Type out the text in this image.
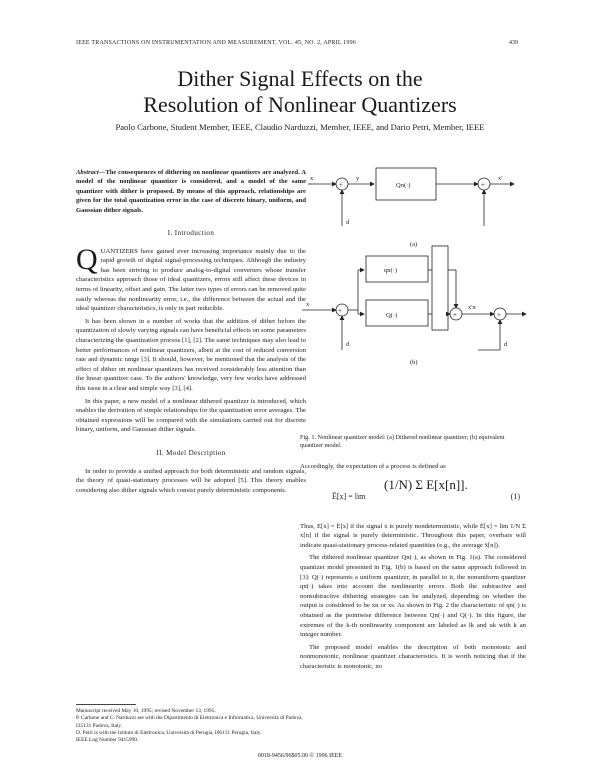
IEEE TRANSACTIONS ON INSTRUMENTATION AND MEASUREMENT, VOL. 45, NO. 2, APRIL 1996	439
Dither Signal Effects on the
Resolution of Nonlinear Quantizers
Paolo Carbone, Student Member, IEEE, Claudio Narduzzi, Member, IEEE, and Dario Petri, Member, IEEE

Abstract—The consequences of dithering on nonlinear quantizers are analyzed. A model of the nonlinear quantizer is considered, and a model of the same quantizer with dither is proposed. By means of this approach, relationships are given for the total quantization error in the case of discrete binary, uniform, and Gaussian dither signals.

I. Introduction

QUANTIZERS have gained ever increasing importance mainly due to the rapid growth of digital signal-processing techniques. Although the industry has been striving to produce analog-to-digital converters whose transfer characteristics approach those of ideal quantizers, errors still affect these devices in terms of linearity, offset and gain. The latter two types of errors can be removed quite easily whereas the nonlinearity error, i.e., the difference between the actual and the ideal quantizer characteristics, is only in part reducible.

It has been shown in a number of works that the addition of dither before the quantization of slowly varying signals can have beneficial effects on some parameters characterizing the quantization process [1], [2]. The same techniques may also lead to better performances of nonlinear quantizers, albeit at the cost of reduced conversion rate and dynamic range [3]. It should, however, be mentioned that the analysis of the effect of dither on nonlinear quantizers has received considerably less attention than the linear quantizer case. To the authors' knowledge, very few works have addressed this issue in a clear and simple way [3], [4].

In this paper, a new model of a nonlinear dithered quantizer is introduced, which enables the derivation of simple relationships for the quantization error averages. The obtained expressions will be compared with the simulations carried out for discrete binary, uniform, and Gaussian dither signals.

II. Model Description

In order to provide a unified approach for both deterministic and random signals, the theory of quasi-stationary processes will be adopted [5]. This theory enables considering also dither signals which consist purely deterministic components.

Manuscript received May 10, 1995; revised November 13, 1995.
P. Carbone and C. Narduzzi are with the Dipartimento di Elettronica e Informatica, Università di Padova, I35131 Padova, Italy.
D. Petri is with the Istituto di Elettronica, Università di Perugia, I06131 Perugia, Italy.
IEEE Log Number 9415990.
+	+
+	+	+
x	y
Qn(·)
x'
d
(a)
x
qn(·)
Q(·)
x'n
d	d
(b)
Fig. 1. Nonlinear quantizer model: (a) Dithered nonlinear quantizer; (b) equivalent quantizer model.

Accordingly, the expectation of a process is defined as

Ē[x] = lim
(1/N) Σ E[x[n]].
(1)

Thus, E[x] = Ē[x] if the signal x is purely nondeterministic, while Ē[x] = lim 1/N Σ x[n] if the signal is purely deterministic. Throughout this paper, overbars will indicate quasi-stationary process-related quantities (e.g., the average x̄[n]).

The dithered nonlinear quantizer Qn(·), as shown in Fig. 1(a). The considered quantizer model presented in Fig. 1(b) is based on the same approach followed in [3]: Q(·) represents a uniform quantizer, in parallel to it, the nonuniform quantizer qn(·) takes into account the nonlinearity errors. Both the subtractive and nonsubtractive dithering strategies can be analyzed, depending on whether the output is considered to be xn or xs. As shown in Fig. 2 the characteristic of qn(·) is obtained as the pointwise difference between Qn(·) and Q(·). In this figure, the extremes of the k-th nonlinearity component are labeled as lk and uk with k an integer number.

The proposed model enables the description of both monotonic and nonmonotonic, nonlinear quantizer characteristics. It is worth noticing that if the characteristic is monotonic, no

0018-9456/96$05.00 © 1996 IEEE
